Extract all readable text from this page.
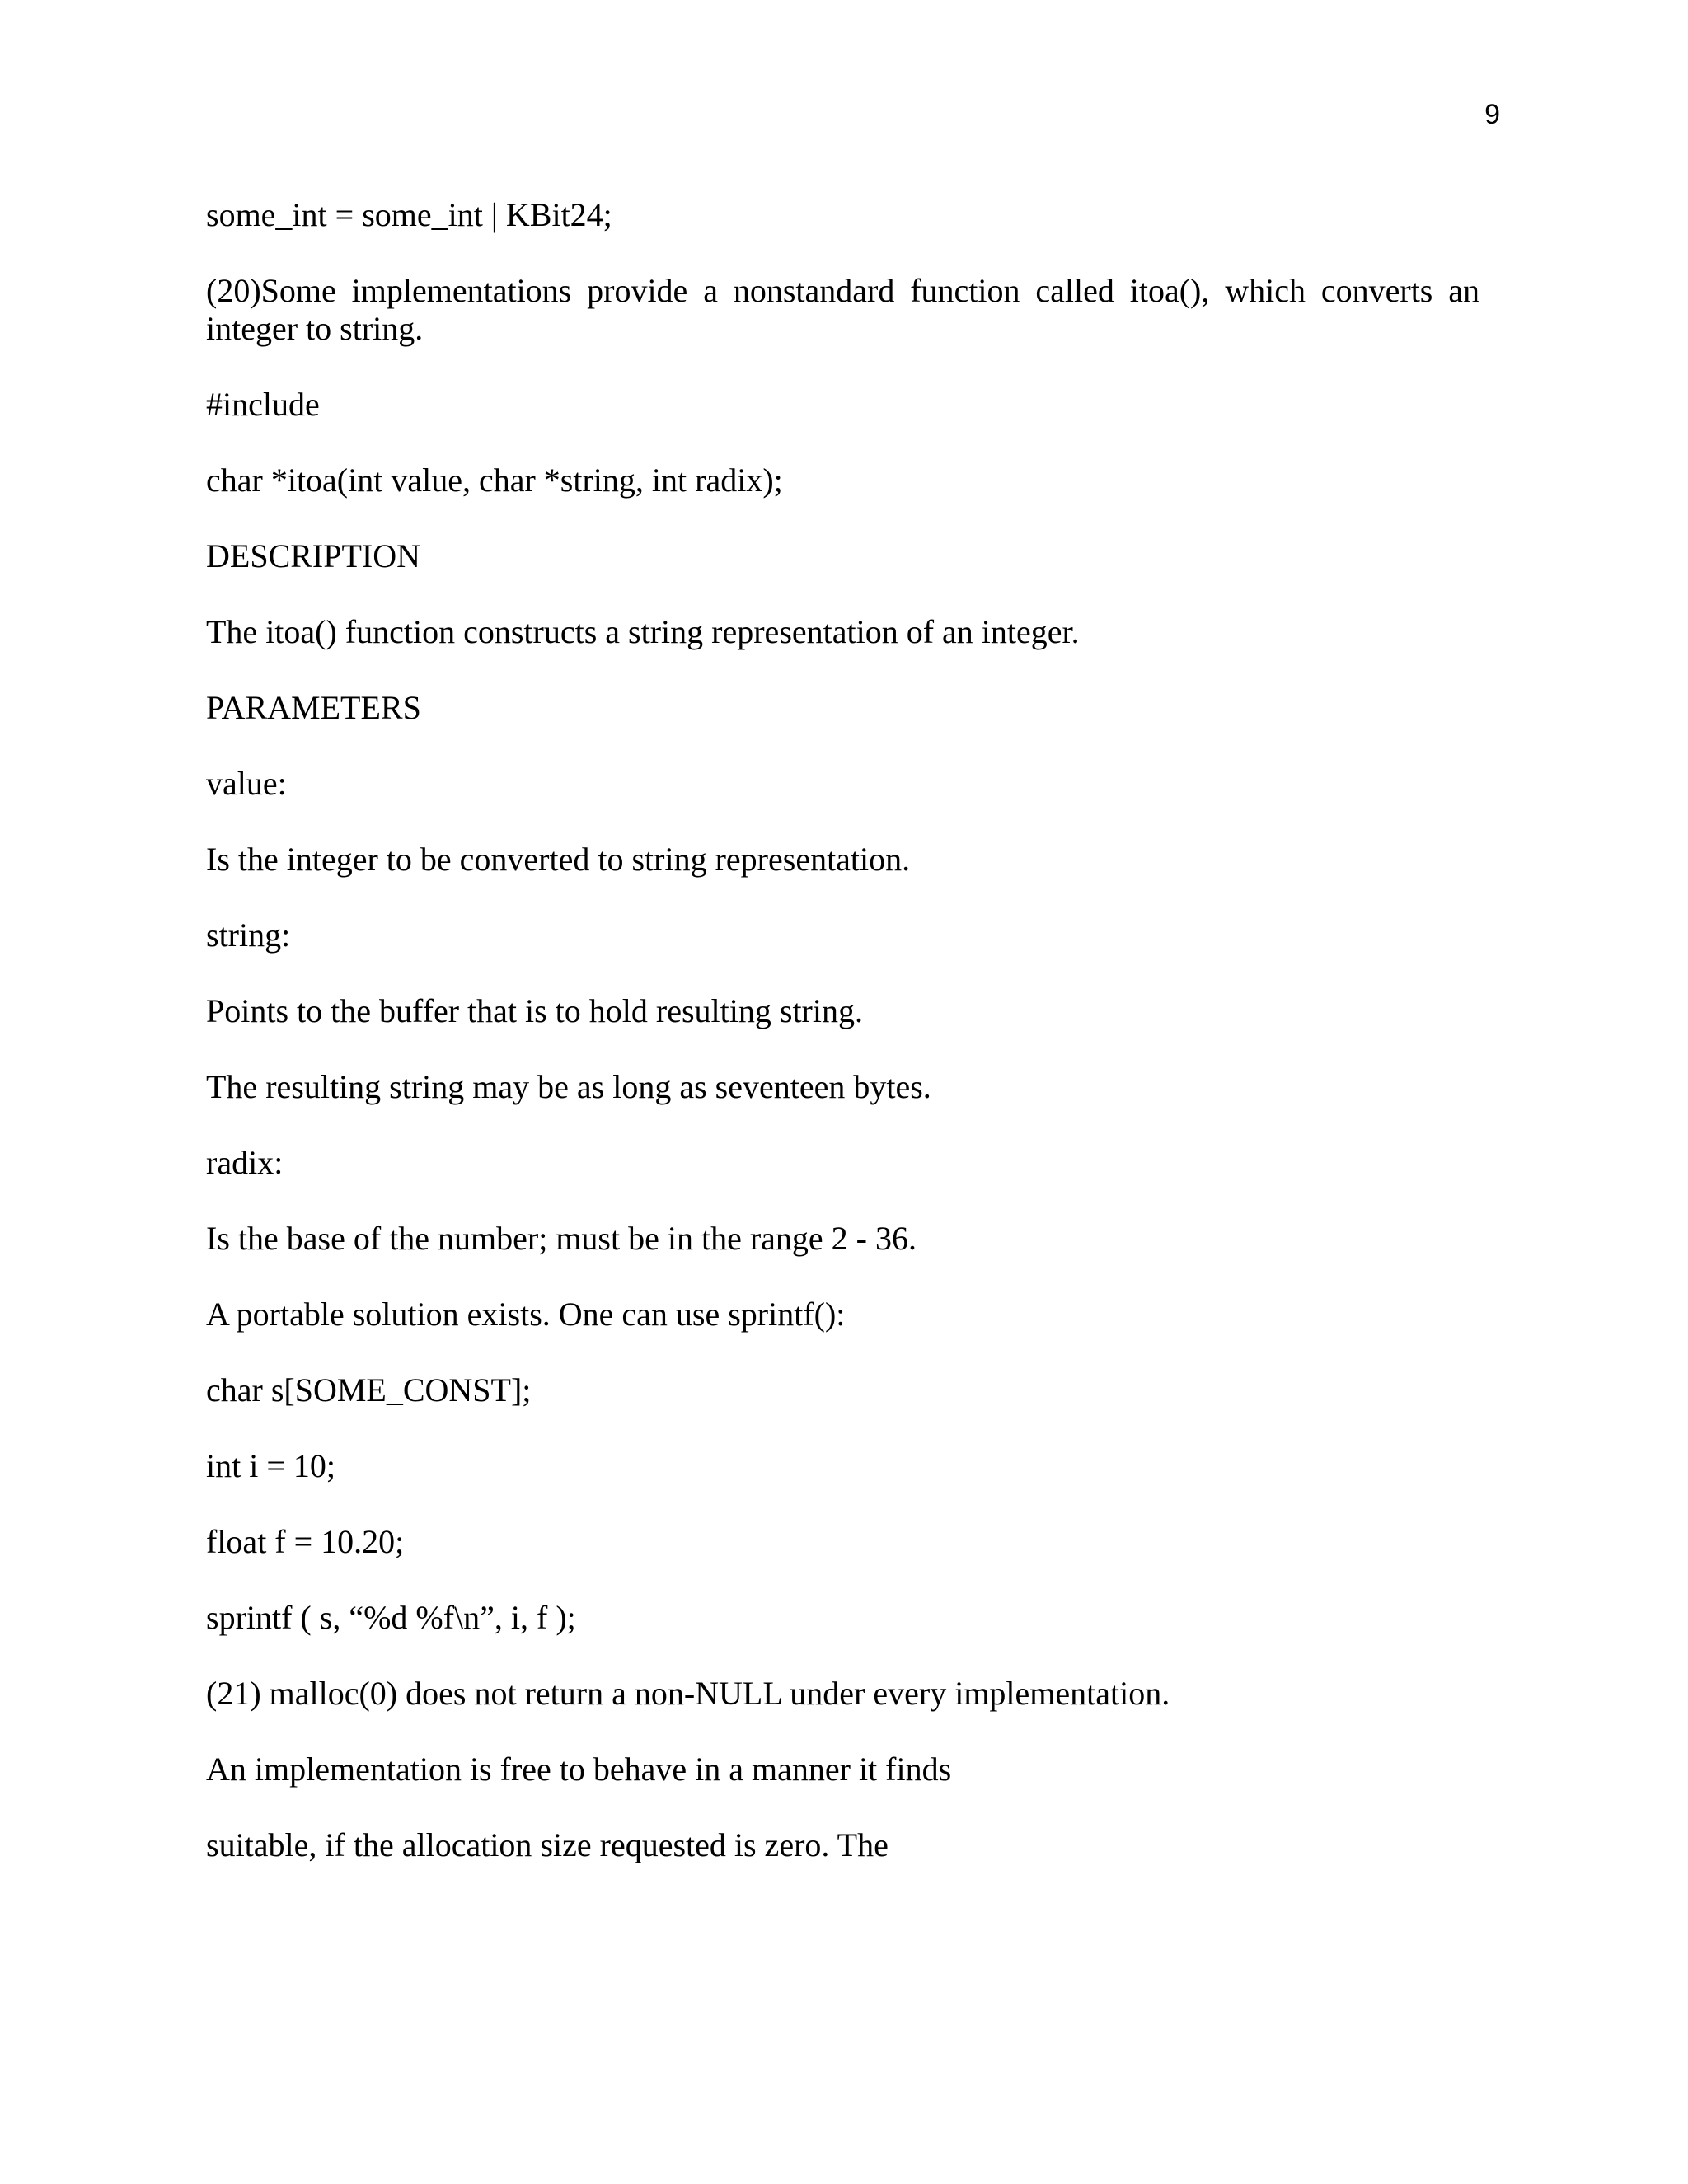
9

some_int = some_int | KBit24;

(20)Some implementations provide a nonstandard function called itoa(), which converts an integer to string.

#include

char *itoa(int value, char *string, int radix);

DESCRIPTION

The itoa() function constructs a string representation of an integer.

PARAMETERS

value:

Is the integer to be converted to string representation.

string:

Points to the buffer that is to hold resulting string.

The resulting string may be as long as seventeen bytes.

radix:

Is the base of the number; must be in the range 2 - 36.

A portable solution exists. One can use sprintf():

char s[SOME_CONST];

int i = 10;

float f = 10.20;

sprintf ( s, “%d %f\n”, i, f );

(21) malloc(0) does not return a non-NULL under every implementation.

An implementation is free to behave in a manner it finds

suitable, if the allocation size requested is zero. The
